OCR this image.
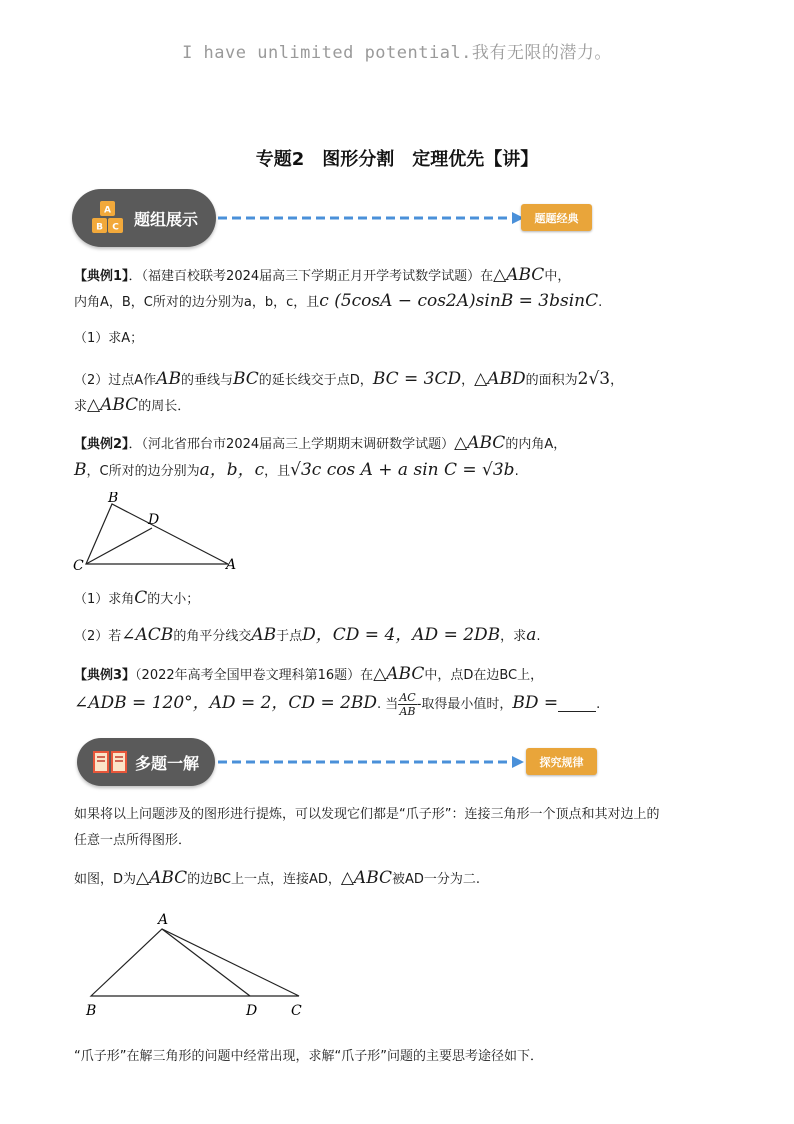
I have unlimited potential.我有无限的潜力。
专题2　图形分割　定理优先【讲】
A
B C 题组展示	题题经典
【典例1】．（福建百校联考2024届高三下学期正月开学考试数学试题）在△ABC中，
内角A，B，C所对的边分别为a，b，c，且c (5cosA − cos2A)sinB = 3bsinC.
（1）求A；
（2）过点A作AB的垂线与BC的延长线交于点D，BC = 3CD，△ABD的面积为2√3，
求△ABC的周长．
【典例2】．（河北省邢台市2024届高三上学期期末调研数学试题）△ABC的内角A，
B，C所对的边分别为a，b，c，且√3c cos A + a sin C = √3b.
B
D
C	A
（1）求角C的大小；
（2）若∠ACB的角平分线交AB于点D，CD = 4，AD = 2DB，求a.
【典例3】（2022年高考全国甲卷文理科第16题）在△ABC中，点D在边BC上，
∠ADB = 120°，AD = 2，CD = 2BD. 当 $\frac{AC}{AB}$ -取得最小值时，BD =	.
多题一解	探究规律
如果将以上问题涉及的图形进行提炼，可以发现它们都是“爪子形”：连接三角形一个顶点和其对边上的
任意一点所得图形．
如图，D为△ABC的边BC上一点，连接AD，△ABC被AD一分为二.
A
B	D C
“爪子形”在解三角形的问题中经常出现，求解“爪子形”问题的主要思考途径如下．
